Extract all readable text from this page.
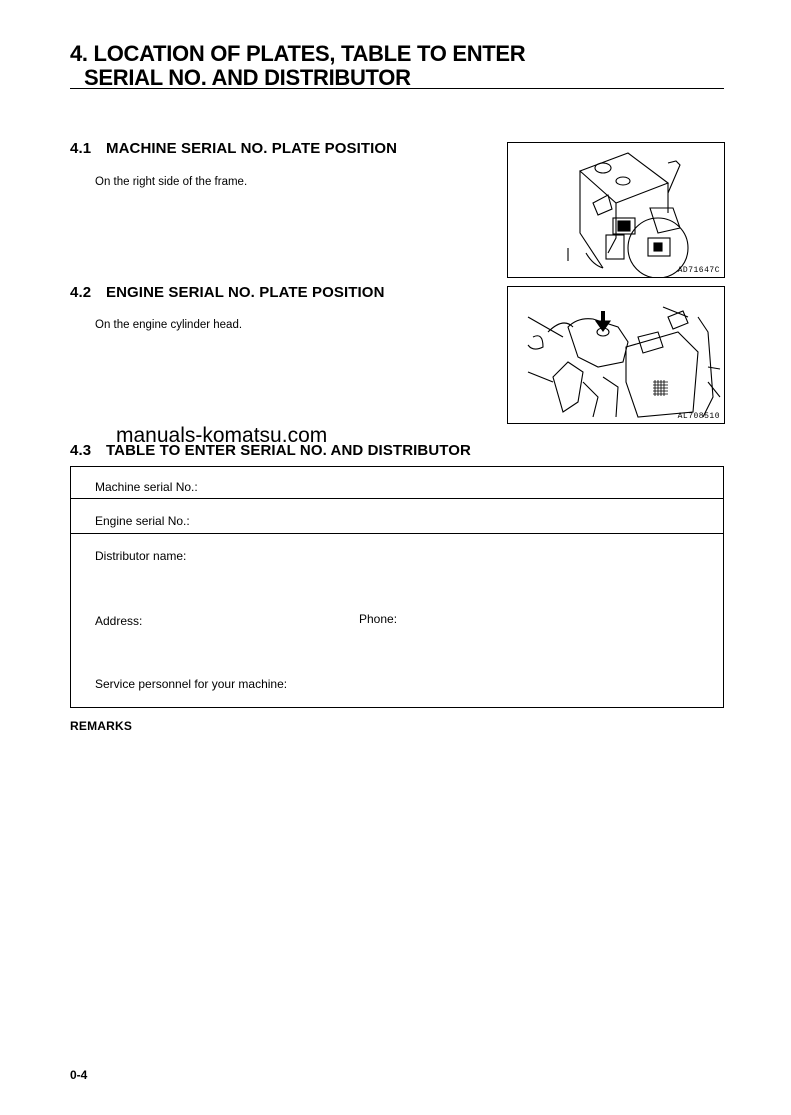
4. LOCATION OF PLATES, TABLE TO ENTER
SERIAL NO. AND DISTRIBUTOR
4.1 MACHINE SERIAL NO. PLATE POSITION
On the right side of the frame.
AD71647C
4.2 ENGINE SERIAL NO. PLATE POSITION
On the engine cylinder head.
AL708510
manuals-komatsu.com
4.3 TABLE TO ENTER SERIAL NO. AND DISTRIBUTOR
Machine serial No.:
Engine serial No.:
Distributor name:
Address:	Phone:
Service personnel for your machine:
REMARKS
0-4
